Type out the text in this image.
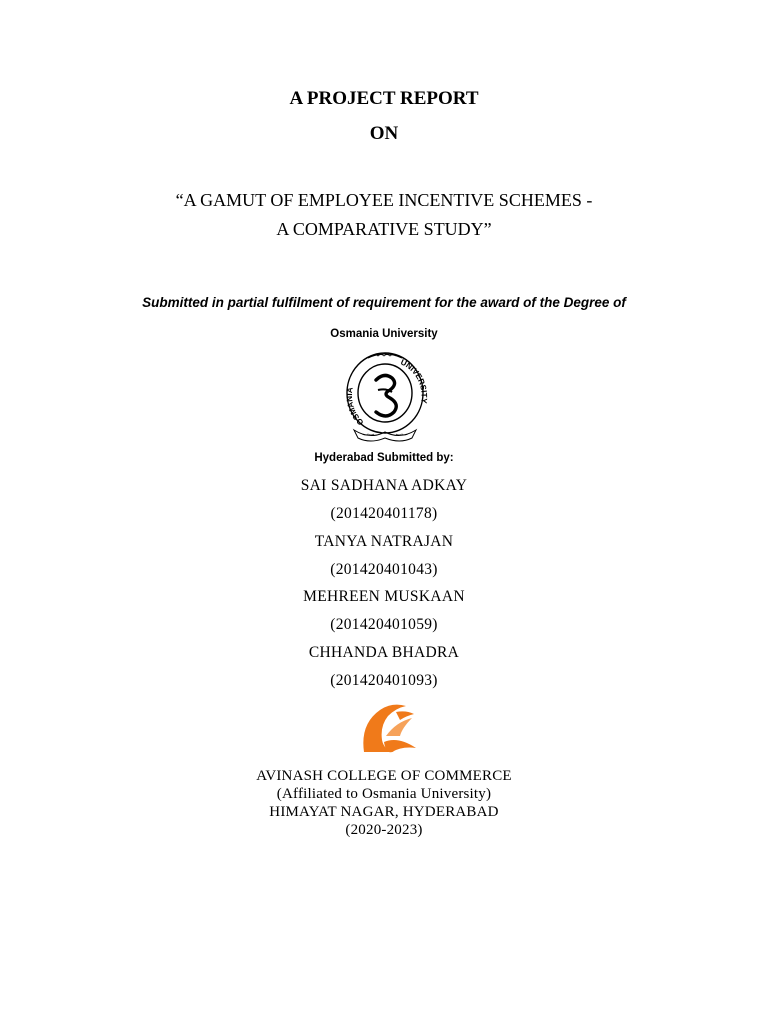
A PROJECT REPORT
ON
“A GAMUT OF EMPLOYEE INCENTIVE SCHEMES -
A COMPARATIVE STUDY”
Submitted in partial fulfilment of requirement for the award of the Degree of
Osmania University
OSMANIA
UNIVERSITY
Hyderabad Submitted by:
SAI SADHANA ADKAY
(201420401178)
TANYA NATRAJAN
(201420401043)
MEHREEN MUSKAAN
(201420401059)
CHHANDA BHADRA
(201420401093)
AVINASH COLLEGE OF COMMERCE
(Affiliated to Osmania University)
HIMAYAT NAGAR, HYDERABAD
(2020-2023)
